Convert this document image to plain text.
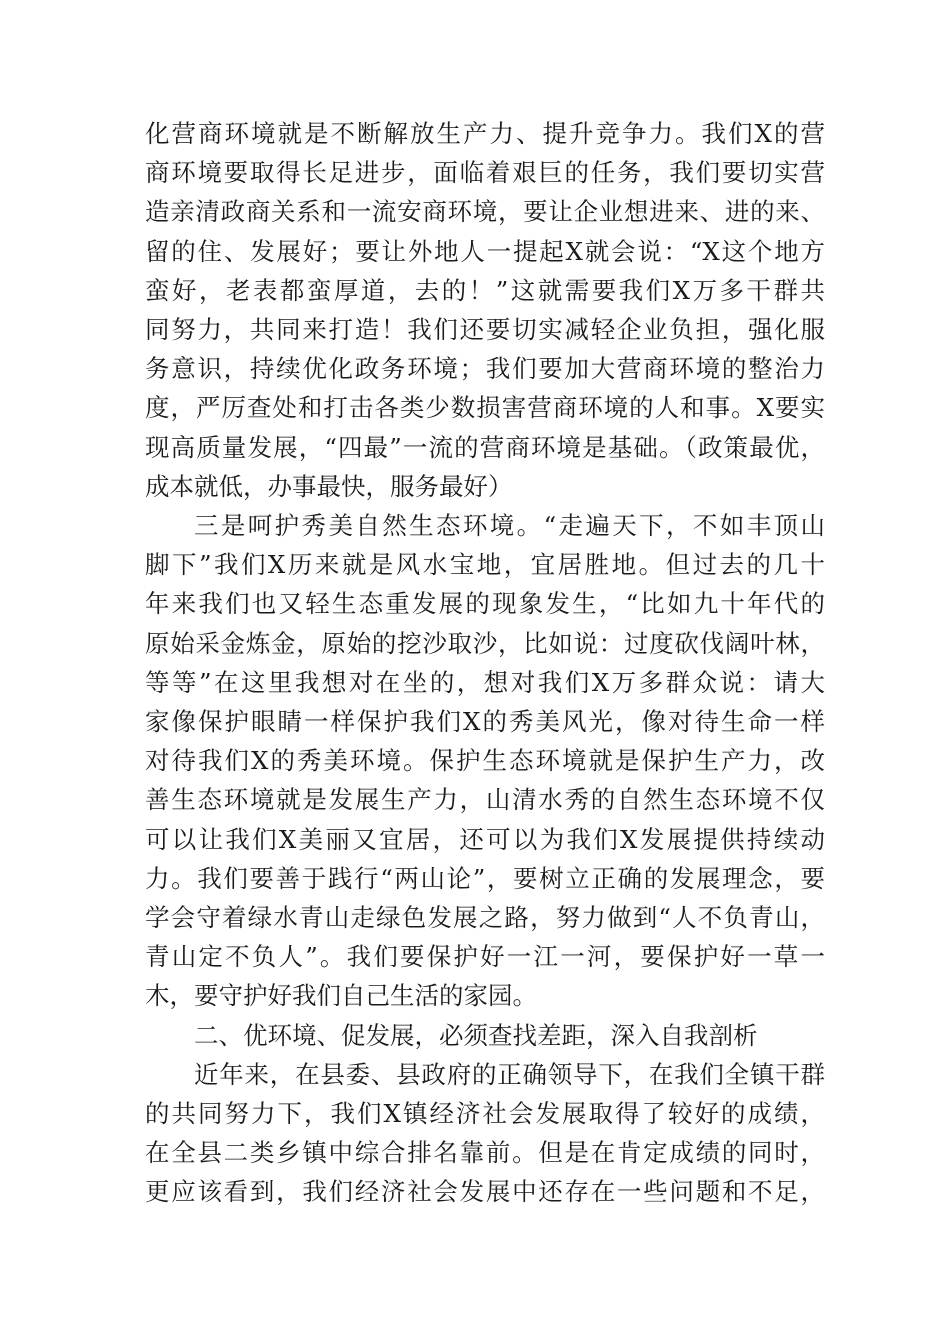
化营商环境就是不断解放生产力、提升竞争力。我们X的营
商环境要取得长足进步，面临着艰巨的任务，我们要切实营
造亲清政商关系和一流安商环境，要让企业想进来、进的来、
留的住、发展好；要让外地人一提起X就会说：“X这个地方
蛮好，老表都蛮厚道，去的！”这就需要我们X万多干群共
同努力，共同来打造！我们还要切实减轻企业负担，强化服
务意识，持续优化政务环境；我们要加大营商环境的整治力
度，严厉查处和打击各类少数损害营商环境的人和事。X要实
现高质量发展，“四最”一流的营商环境是基础。（政策最优，
成本就低，办事最快，服务最好）
三是呵护秀美自然生态环境。“走遍天下，不如丰顶山
脚下”我们X历来就是风水宝地，宜居胜地。但过去的几十
年来我们也又轻生态重发展的现象发生，“比如九十年代的
原始采金炼金，原始的挖沙取沙，比如说：过度砍伐阔叶林，
等等”在这里我想对在坐的，想对我们X万多群众说：请大
家像保护眼睛一样保护我们X的秀美风光，像对待生命一样
对待我们X的秀美环境。保护生态环境就是保护生产力，改
善生态环境就是发展生产力，山清水秀的自然生态环境不仅
可以让我们X美丽又宜居，还可以为我们X发展提供持续动
力。我们要善于践行“两山论”，要树立正确的发展理念，要
学会守着绿水青山走绿色发展之路，努力做到“人不负青山，
青山定不负人”。我们要保护好一江一河，要保护好一草一
木，要守护好我们自己生活的家园。
二、优环境、促发展，必须查找差距，深入自我剖析
近年来，在县委、县政府的正确领导下，在我们全镇干群
的共同努力下，我们X镇经济社会发展取得了较好的成绩，
在全县二类乡镇中综合排名靠前。但是在肯定成绩的同时，
更应该看到，我们经济社会发展中还存在一些问题和不足，
